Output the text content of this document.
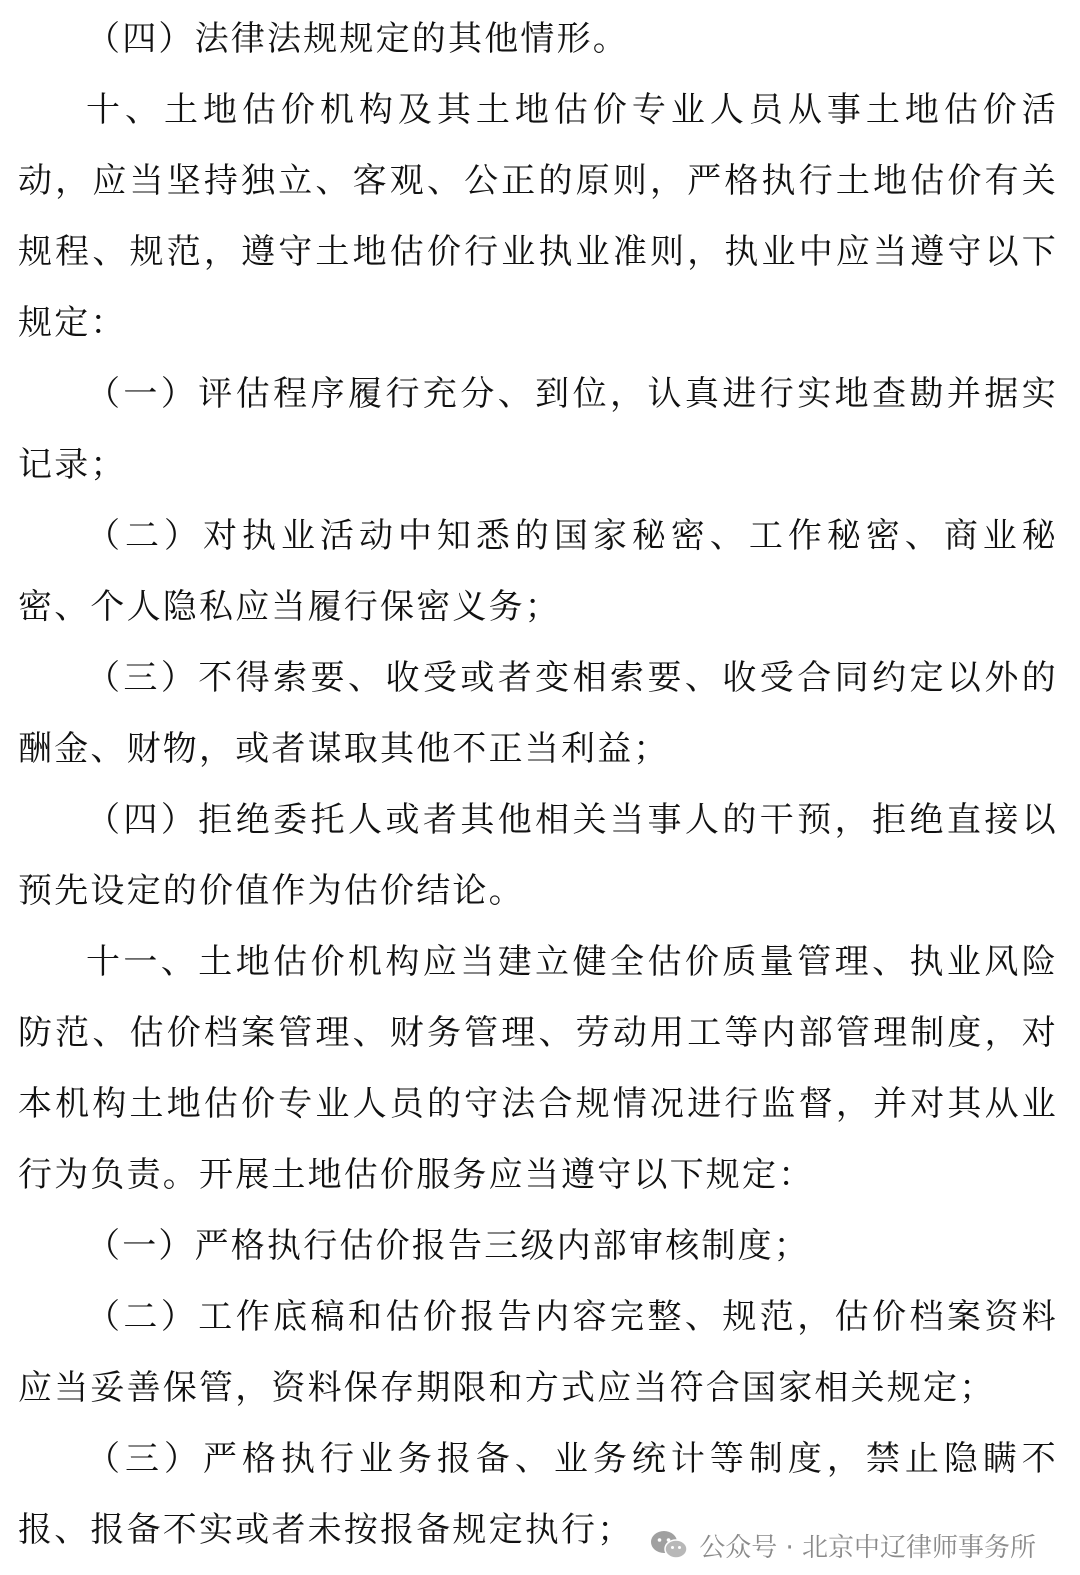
（四）法律法规规定的其他情形。

十、土地估价机构及其土地估价专业人员从事土地估价活动，应当坚持独立、客观、公正的原则，严格执行土地估价有关规程、规范，遵守土地估价行业执业准则，执业中应当遵守以下规定：

（一）评估程序履行充分、到位，认真进行实地查勘并据实记录；

（二）对执业活动中知悉的国家秘密、工作秘密、商业秘密、个人隐私应当履行保密义务；

（三）不得索要、收受或者变相索要、收受合同约定以外的酬金、财物，或者谋取其他不正当利益；

（四）拒绝委托人或者其他相关当事人的干预，拒绝直接以预先设定的价值作为估价结论。

十一、土地估价机构应当建立健全估价质量管理、执业风险防范、估价档案管理、财务管理、劳动用工等内部管理制度，对本机构土地估价专业人员的守法合规情况进行监督，并对其从业行为负责。开展土地估价服务应当遵守以下规定：

（一）严格执行估价报告三级内部审核制度；

（二）工作底稿和估价报告内容完整、规范，估价档案资料应当妥善保管，资料保存期限和方式应当符合国家相关规定；

（三）严格执行业务报备、业务统计等制度，禁止隐瞒不报、报备不实或者未按报备规定执行；	公众号 · 北京中辽律师事务所
